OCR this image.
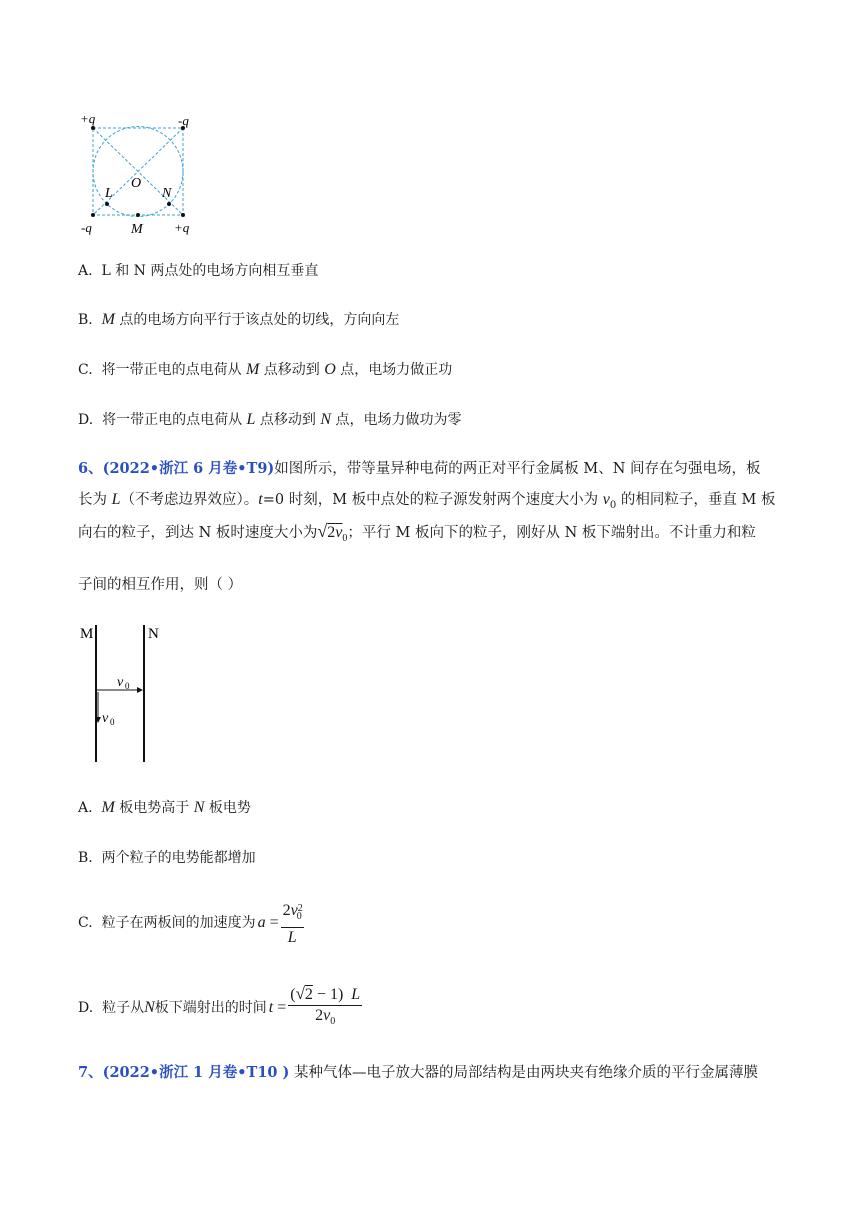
+q	-q
-q	+q
O
L	N
M
A. L 和 N 两点处的电场方向相互垂直
B. M 点的电场方向平行于该点处的切线，方向向左
C. 将一带正电的点电荷从 M 点移动到 O 点，电场力做正功
D. 将一带正电的点电荷从 L 点移动到 N 点，电场力做功为零
6、(2022•浙江 6 月卷•T9)如图所示，带等量异种电荷的两正对平行金属板 M、N 间存在匀强电场，板
长为 L（不考虑边界效应）。t=0 时刻，M 板中点处的粒子源发射两个速度大小为 $v_0$ 的相同粒子，垂直 M 板
向右的粒子，到达 N 板时速度大小为$√2v_0$；平行 M 板向下的粒子，刚好从 N 板下端射出。不计重力和粒
子间的相互作用，则（ ）
M	N
v 0
v 0
A. M 板电势高于 N 板电势
B. 两个粒子的电势能都增加
C.
粒子在两板间的加速度为 $a = \frac{2v^2_0}{L}$
D.
粒子从 N 板下端射出的时间 $t = \frac{(√2 - 1) L}{2v_0}$
7、(2022•浙江 1 月卷•T10 ) 某种气体—电子放大器的局部结构是由两块夹有绝缘介质的平行金属薄膜
